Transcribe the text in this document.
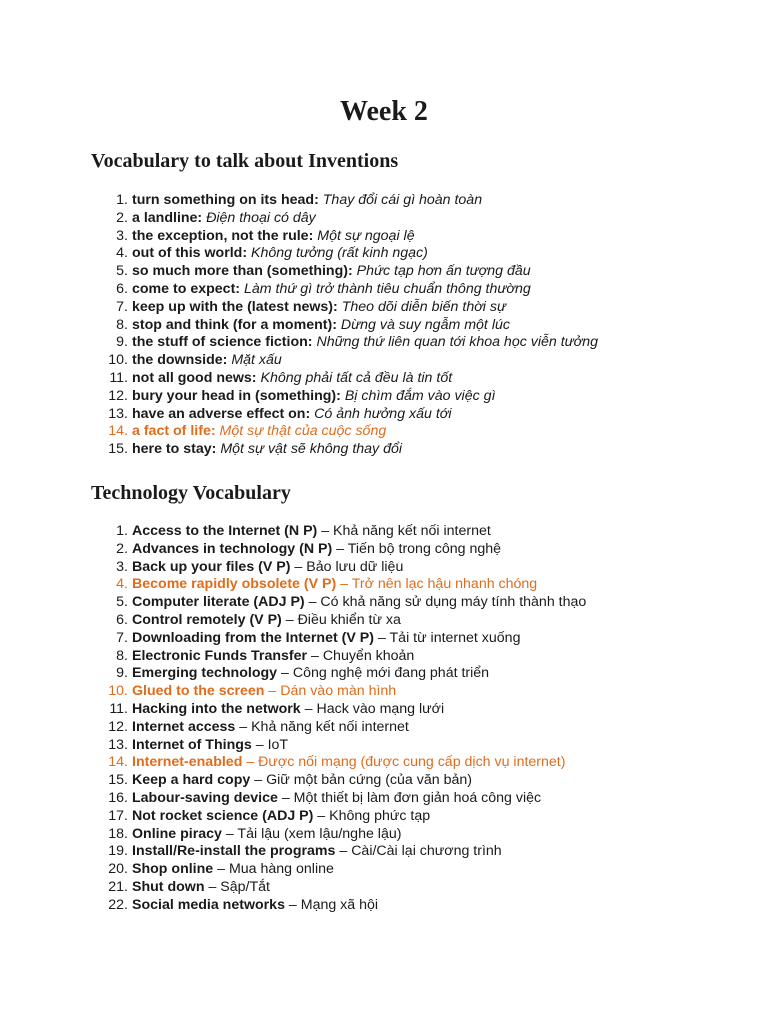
Week 2
Vocabulary to talk about Inventions
1. turn something on its head: Thay đổi cái gì hoàn toàn
2. a landline: Điện thoại có dây
3. the exception, not the rule: Một sự ngoại lệ
4. out of this world: Không tưởng (rất kinh ngạc)
5. so much more than (something): Phức tạp hơn ấn tượng đầu
6. come to expect: Làm thứ gì trở thành tiêu chuẩn thông thường
7. keep up with the (latest news): Theo dõi diễn biến thời sự
8. stop and think (for a moment): Dừng và suy ngẫm một lúc
9. the stuff of science fiction: Những thứ liên quan tới khoa học viễn tưởng
10. the downside: Mặt xấu
11. not all good news: Không phải tất cả đều là tin tốt
12. bury your head in (something): Bị chìm đắm vào việc gì
13. have an adverse effect on: Có ảnh hưởng xấu tới
14. a fact of life: Một sự thật của cuộc sống
15. here to stay: Một sự vật sẽ không thay đổi
Technology Vocabulary
1. Access to the Internet (N P) – Khả năng kết nối internet
2. Advances in technology (N P) – Tiến bộ trong công nghệ
3. Back up your files (V P) – Bảo lưu dữ liệu
4. Become rapidly obsolete (V P) – Trở nên lạc hậu nhanh chóng
5. Computer literate (ADJ P) – Có khả năng sử dụng máy tính thành thạo
6. Control remotely (V P) – Điều khiển từ xa
7. Downloading from the Internet (V P) – Tải từ internet xuống
8. Electronic Funds Transfer – Chuyển khoản
9. Emerging technology – Công nghệ mới đang phát triển
10. Glued to the screen – Dán vào màn hình
11. Hacking into the network – Hack vào mạng lưới
12. Internet access – Khả năng kết nối internet
13. Internet of Things – IoT
14. Internet-enabled – Được nối mạng (được cung cấp dịch vụ internet)
15. Keep a hard copy – Giữ một bản cứng (của văn bản)
16. Labour-saving device – Một thiết bị làm đơn giản hoá công việc
17. Not rocket science (ADJ P) – Không phức tạp
18. Online piracy – Tải lậu (xem lậu/nghe lậu)
19. Install/Re-install the programs – Cài/Cài lại chương trình
20. Shop online – Mua hàng online
21. Shut down – Sập/Tắt
22. Social media networks – Mạng xã hội
